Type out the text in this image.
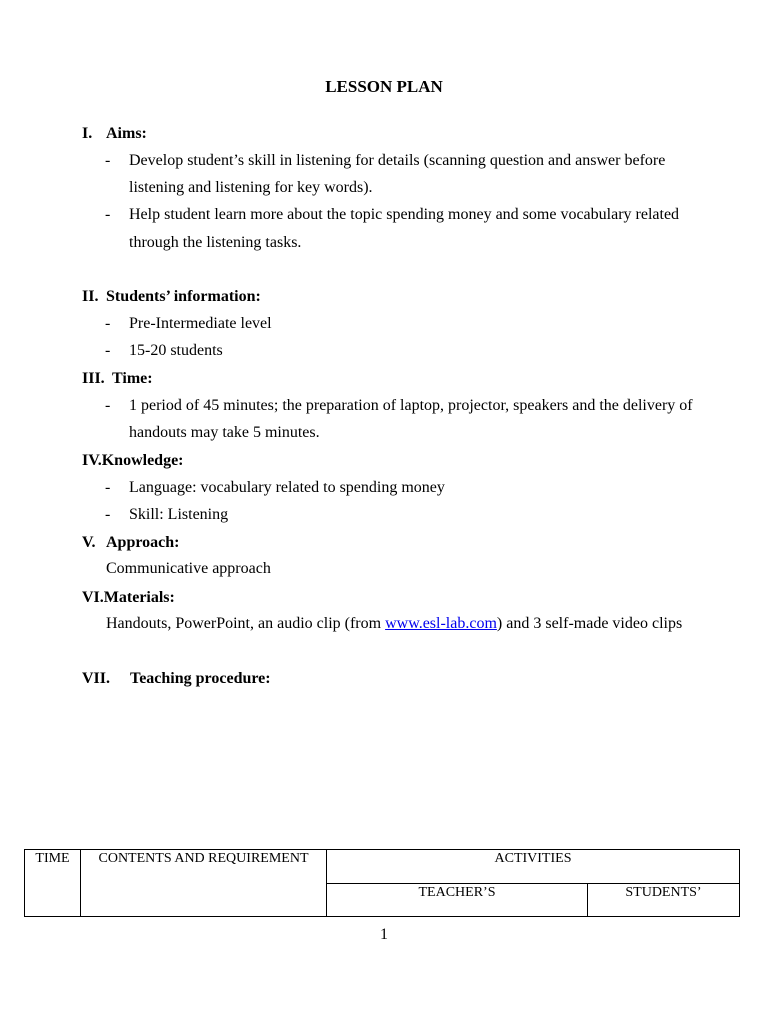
LESSON PLAN
I. Aims:
- Develop student’s skill in listening for details (scanning question and answer before
listening and listening for key words).
- Help student learn more about the topic spending money and some vocabulary related
through the listening tasks.
II. Students’ information:
- Pre-Intermediate level
- 15-20 students
III. Time:
- 1 period of 45 minutes; the preparation of laptop, projector, speakers and the delivery of
handouts may take 5 minutes.
IV.Knowledge:
- Language: vocabulary related to spending money
- Skill: Listening
V. Approach:
Communicative approach
VI.Materials:
Handouts, PowerPoint, an audio clip (from www.esl-lab.com) and 3 self-made video clips
VII. Teaching procedure:
TIME	CONTENTS AND REQUIREMENT	ACTIVITIES	
		TEACHER’S	STUDENTS’
1
